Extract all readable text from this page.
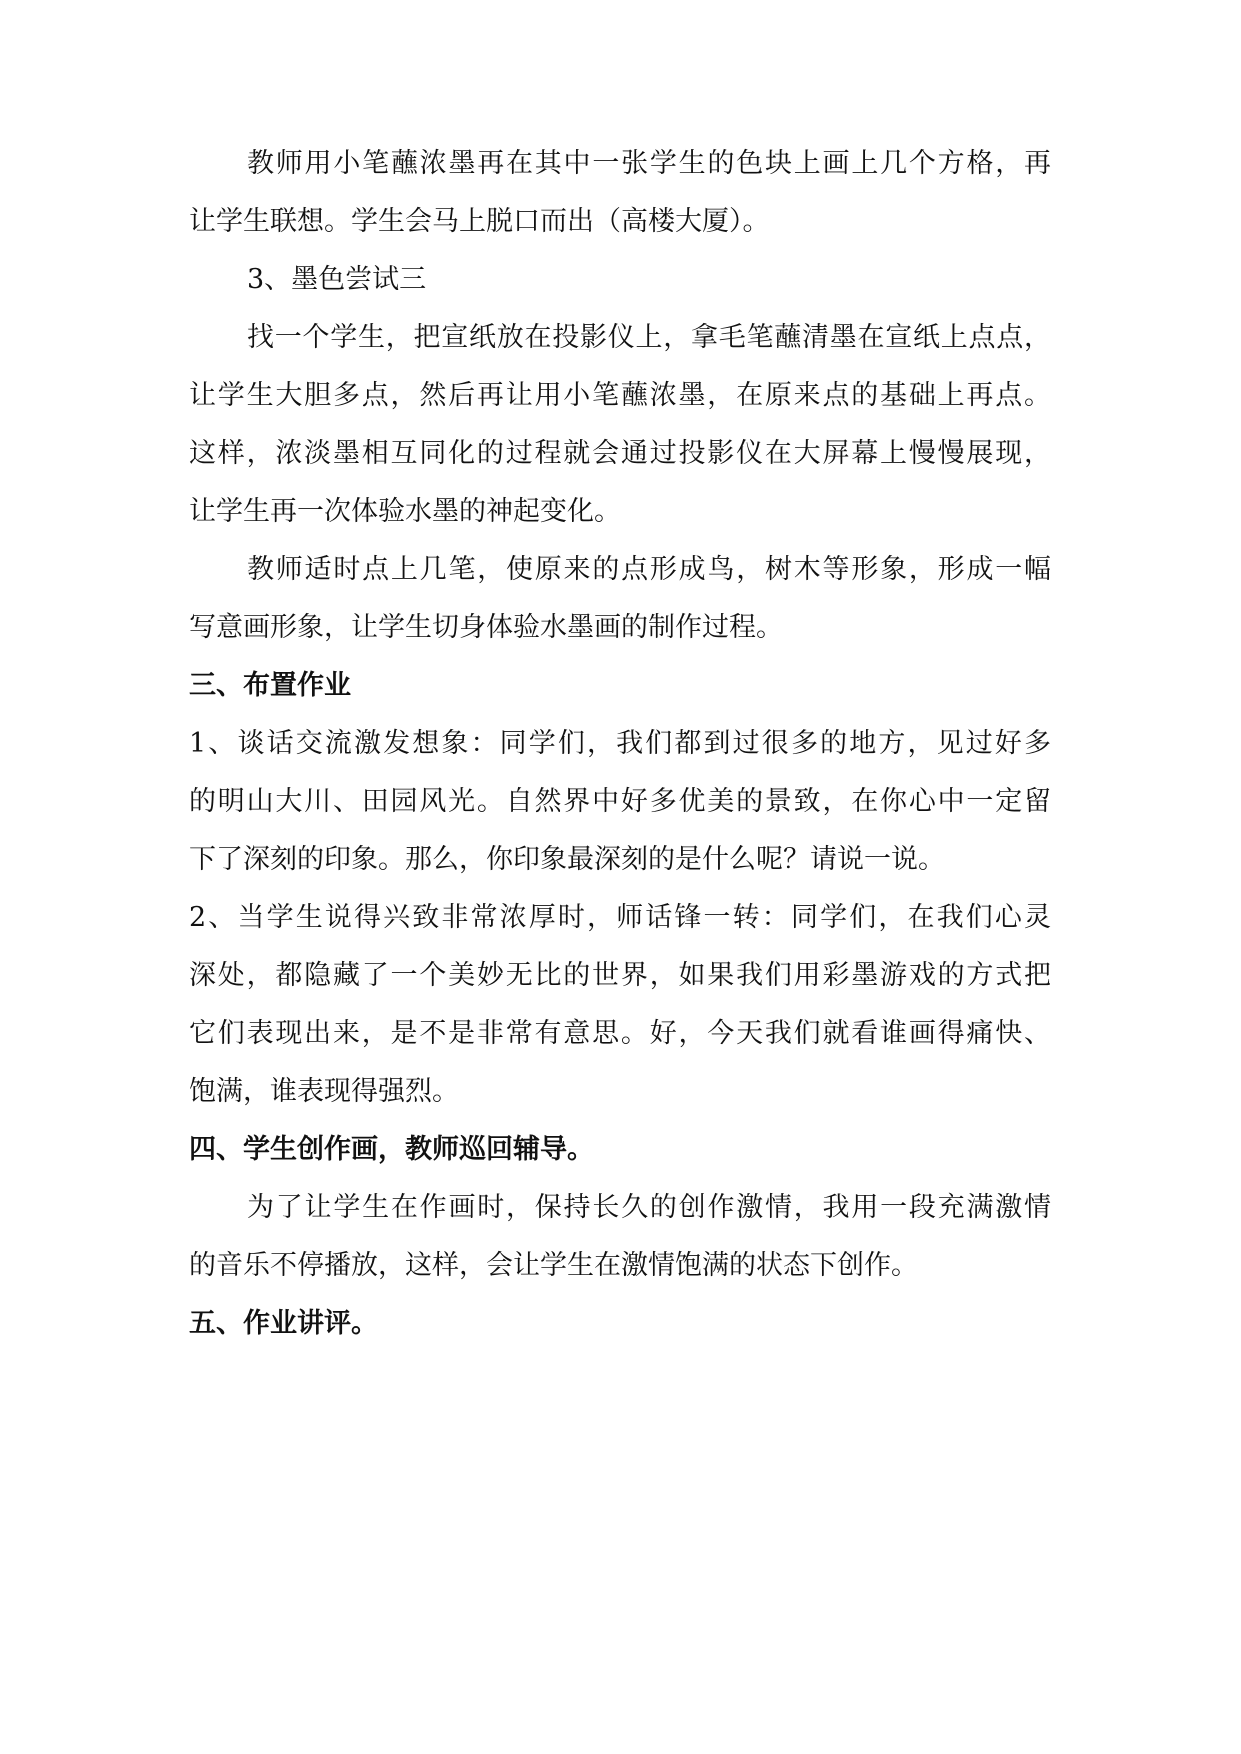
教师用小笔蘸浓墨再在其中一张学生的色块上画上几个方格，再
让学生联想。学生会马上脱口而出（高楼大厦）。
3、墨色尝试三
找一个学生，把宣纸放在投影仪上，拿毛笔蘸清墨在宣纸上点点，
让学生大胆多点，然后再让用小笔蘸浓墨，在原来点的基础上再点。
这样，浓淡墨相互同化的过程就会通过投影仪在大屏幕上慢慢展现，
让学生再一次体验水墨的神起变化。
教师适时点上几笔，使原来的点形成鸟，树木等形象，形成一幅
写意画形象，让学生切身体验水墨画的制作过程。
三、布置作业
1、谈话交流激发想象：同学们，我们都到过很多的地方，见过好多
的明山大川、田园风光。自然界中好多优美的景致，在你心中一定留
下了深刻的印象。那么，你印象最深刻的是什么呢？请说一说。
2、当学生说得兴致非常浓厚时，师话锋一转：同学们，在我们心灵
深处，都隐藏了一个美妙无比的世界，如果我们用彩墨游戏的方式把
它们表现出来，是不是非常有意思。好，今天我们就看谁画得痛快、
饱满，谁表现得强烈。
四、学生创作画，教师巡回辅导。
为了让学生在作画时，保持长久的创作激情，我用一段充满激情
的音乐不停播放，这样，会让学生在激情饱满的状态下创作。
五、作业讲评。
